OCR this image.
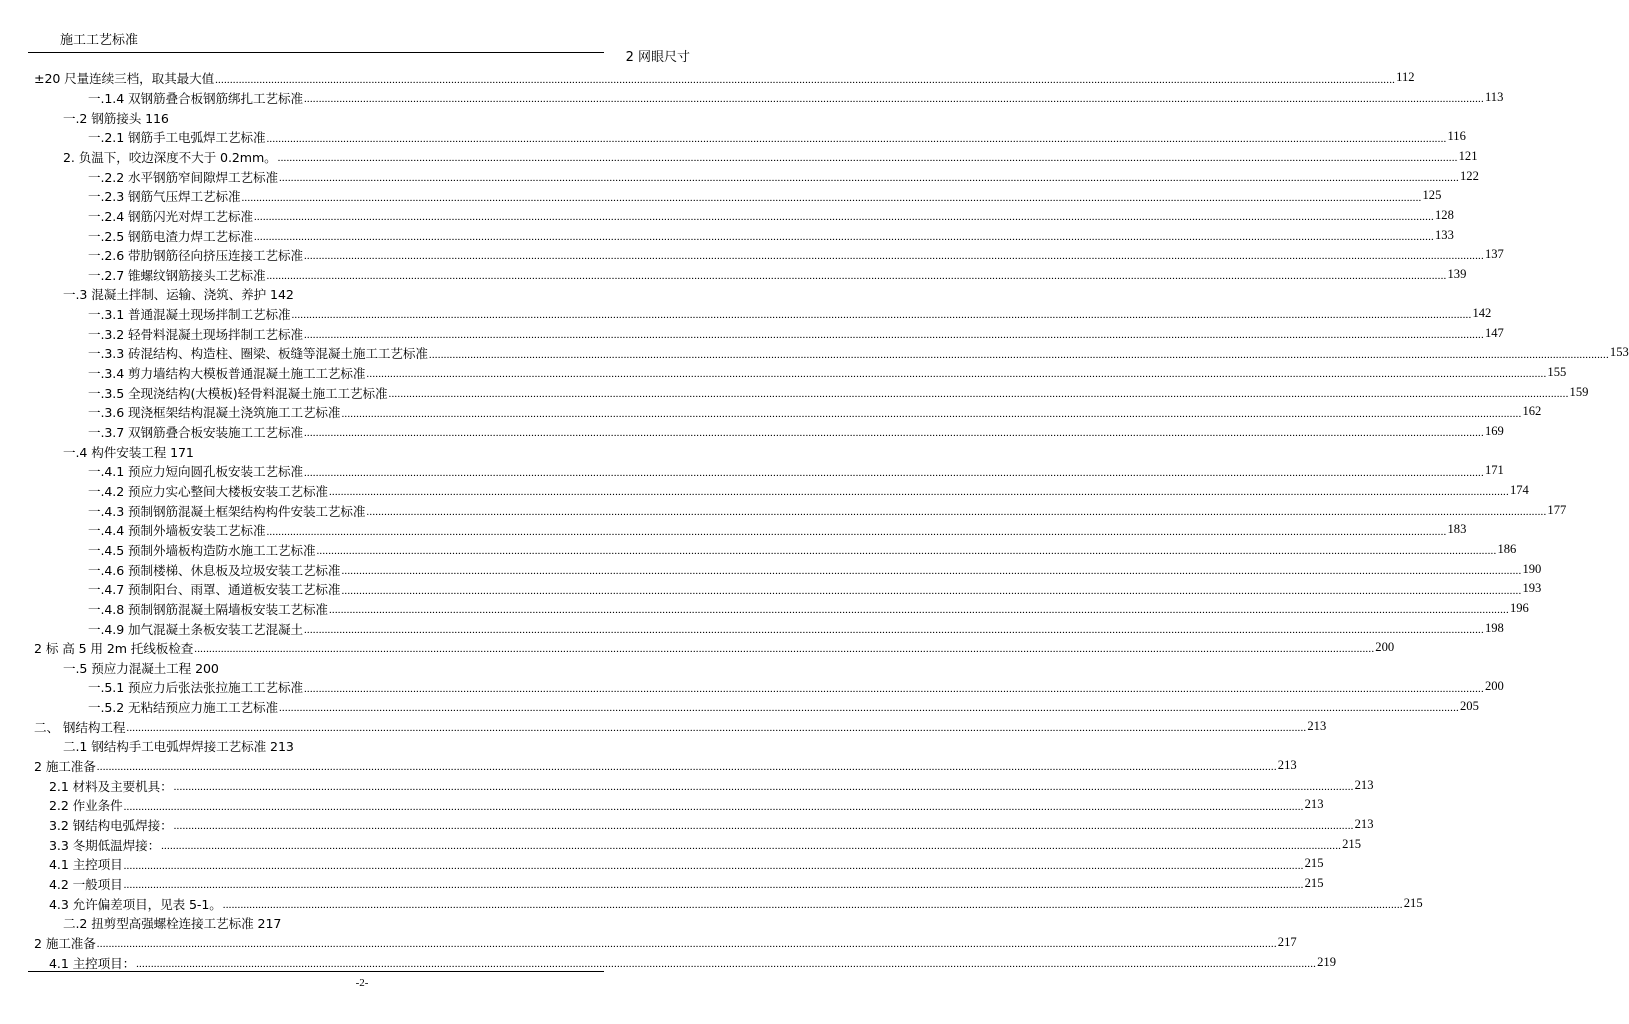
施工工艺标准
2 网眼尺寸
±20 尺量连续三档，取其最大值 ................................................................................................................................................................................................................................................................................................................................................................................................................ 112
一.1.4 双钢筋叠合板钢筋绑扎工艺标准 ................................................................................................................................................................................................................................................................................................................................................................................................................ 113
一.2 钢筋接头 116
一.2.1 钢筋手工电弧焊工艺标准 ................................................................................................................................................................................................................................................................................................................................................................................................................ 116
2. 负温下，咬边深度不大于 0.2mm。 ................................................................................................................................................................................................................................................................................................................................................................................................................ 121
一.2.2 水平钢筋窄间隙焊工艺标准 ................................................................................................................................................................................................................................................................................................................................................................................................................ 122
一.2.3 钢筋气压焊工艺标准 ................................................................................................................................................................................................................................................................................................................................................................................................................ 125
一.2.4 钢筋闪光对焊工艺标准 ................................................................................................................................................................................................................................................................................................................................................................................................................ 128
一.2.5 钢筋电渣力焊工艺标准 ................................................................................................................................................................................................................................................................................................................................................................................................................ 133
一.2.6 带肋钢筋径向挤压连接工艺标准 ................................................................................................................................................................................................................................................................................................................................................................................................................ 137
一.2.7 锥螺纹钢筋接头工艺标准 ................................................................................................................................................................................................................................................................................................................................................................................................................ 139
一.3 混凝土拌制、运输、浇筑、养护 142
一.3.1 普通混凝土现场拌制工艺标准 ................................................................................................................................................................................................................................................................................................................................................................................................................ 142
一.3.2 轻骨料混凝土现场拌制工艺标准 ................................................................................................................................................................................................................................................................................................................................................................................................................ 147
一.3.3 砖混结构、构造柱、圈梁、板缝等混凝土施工工艺标准 ................................................................................................................................................................................................................................................................................................................................................................................................................ 153
一.3.4 剪力墙结构大模板普通混凝土施工工艺标准 ................................................................................................................................................................................................................................................................................................................................................................................................................ 155
一.3.5 全现浇结构(大模板)轻骨料混凝土施工工艺标准 ................................................................................................................................................................................................................................................................................................................................................................................................................ 159
一.3.6 现浇框架结构混凝土浇筑施工工艺标准 ................................................................................................................................................................................................................................................................................................................................................................................................................ 162
一.3.7 双钢筋叠合板安装施工工艺标准 ................................................................................................................................................................................................................................................................................................................................................................................................................ 169
一.4 构件安装工程 171
一.4.1 预应力短向圆孔板安装工艺标准 ................................................................................................................................................................................................................................................................................................................................................................................................................ 171
一.4.2 预应力实心整间大楼板安装工艺标准 ................................................................................................................................................................................................................................................................................................................................................................................................................ 174
一.4.3 预制钢筋混凝土框架结构构件安装工艺标准 ................................................................................................................................................................................................................................................................................................................................................................................................................ 177
一.4.4 预制外墙板安装工艺标准 ................................................................................................................................................................................................................................................................................................................................................................................................................ 183
一.4.5 预制外墙板构造防水施工工艺标准 ................................................................................................................................................................................................................................................................................................................................................................................................................ 186
一.4.6 预制楼梯、休息板及垃圾安装工艺标准 ................................................................................................................................................................................................................................................................................................................................................................................................................ 190
一.4.7 预制阳台、雨罩、通道板安装工艺标准 ................................................................................................................................................................................................................................................................................................................................................................................................................ 193
一.4.8 预制钢筋混凝土隔墙板安装工艺标准 ................................................................................................................................................................................................................................................................................................................................................................................................................ 196
一.4.9 加气混凝土条板安装工艺混凝土 ................................................................................................................................................................................................................................................................................................................................................................................................................ 198
2 标 高 5 用 2m 托线板检查 ................................................................................................................................................................................................................................................................................................................................................................................................................ 200
一.5 预应力混凝土工程 200
一.5.1 预应力后张法张拉施工工艺标准 ................................................................................................................................................................................................................................................................................................................................................................................................................ 200
一.5.2 无粘结预应力施工工艺标准 ................................................................................................................................................................................................................................................................................................................................................................................................................ 205
二、 钢结构工程 ................................................................................................................................................................................................................................................................................................................................................................................................................ 213
二.1 钢结构手工电弧焊焊接工艺标准 213
2 施工准备 ................................................................................................................................................................................................................................................................................................................................................................................................................ 213
2.1 材料及主要机具： ................................................................................................................................................................................................................................................................................................................................................................................................................ 213
2.2 作业条件 ................................................................................................................................................................................................................................................................................................................................................................................................................ 213
3.2 钢结构电弧焊接： ................................................................................................................................................................................................................................................................................................................................................................................................................ 213
3.3 冬期低温焊接： ................................................................................................................................................................................................................................................................................................................................................................................................................ 215
4.1 主控项目 ................................................................................................................................................................................................................................................................................................................................................................................................................ 215
4.2 一般项目 ................................................................................................................................................................................................................................................................................................................................................................................................................ 215
4.3 允许偏差项目，见表 5-1。 ................................................................................................................................................................................................................................................................................................................................................................................................................ 215
二.2 扭剪型高强螺栓连接工艺标准 217
2 施工准备 ................................................................................................................................................................................................................................................................................................................................................................................................................ 217
4.1 主控项目： ................................................................................................................................................................................................................................................................................................................................................................................................................ 219
-2-
